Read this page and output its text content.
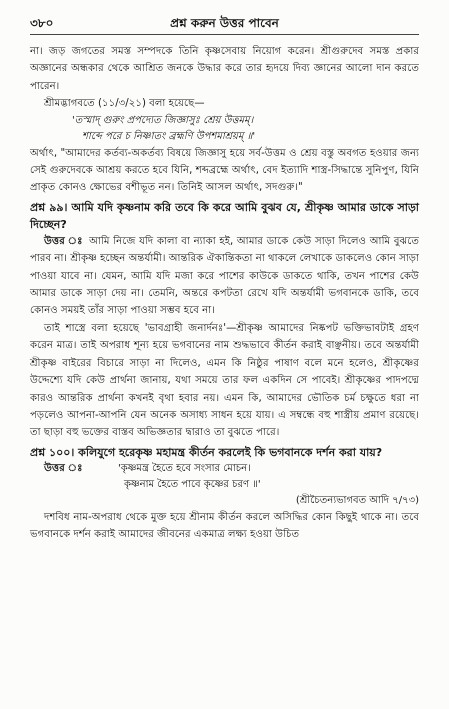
৩৮০	প্রশ্ন করুন উত্তর পাবেন

না। জড় জগতের সমস্ত সম্পদকে তিনি কৃষ্ণসেবায় নিয়োগ করেন। শ্রীগুরুদেব সমস্ত প্রকার অজ্ঞানের অন্ধকার থেকে আশ্রিত জনকে উদ্ধার করে তার হৃদয়ে দিব্য জ্ঞানের আলো দান করতে পারেন।

শ্রীমদ্ভাগবতে (১১/৩/২১) বলা হয়েছে—

'তস্মাদ্‌ গুরুং প্রপদ্যেত জিজ্ঞাসুঃ শ্রেয় উত্তমম্‌।

শাব্দে পরে চ নিষ্ণাতং ব্রহ্মণি উপশমাশ্রয়ম্‌ ॥'

অর্থাৎ, "আমাদের কর্তব্য-অকর্তব্য বিষয়ে জিজ্ঞাসু হয়ে সর্ব-উত্তম ও শ্রেয় বস্তু অবগত হওয়ার জন্য সেই গুরুদেবকে আশ্রয় করতে হবে যিনি, শব্দব্রহ্মে অর্থাৎ, বেদ ইত্যাদি শাস্ত্র-সিদ্ধান্তে সুনিপুণ, যিনি প্রাকৃত কোনও ক্ষোভের বশীভূত নন। তিনিই আসল অর্থাৎ, সদগুরু।"

প্রশ্ন ৯৯। আমি যদি কৃষ্ণনাম করি তবে কি করে আমি বুঝব যে, শ্রীকৃষ্ণ আমার ডাকে সাড়া দিচ্ছেন?

উত্তর ঃ আমি নিজে যদি কালা বা ন্যাকা হই, আমার ডাকে কেউ সাড়া দিলেও আমি বুঝতে পারব না। শ্রীকৃষ্ণ হচ্ছেন অন্তর্যামী। আন্তরিক ঐকান্তিকতা না থাকলে লেখাকে ডাকলেও কোন সাড়া পাওয়া যাবে না। যেমন, আমি যদি মজা করে পাশের কাউকে ডাকতে থাকি, তখন পাশের কেউ আমার ডাকে সাড়া দেয় না। তেমনি, অন্তরে কপটতা রেখে যদি অন্তর্যামী ভগবানকে ডাকি, তবে কোনও সময়ই তাঁর সাড়া পাওয়া সম্ভব হবে না।

তাই শাস্ত্রে বলা হয়েছে 'ভাবগ্রাহী জনার্দনঃ'—শ্রীকৃষ্ণ আমাদের নিষ্কপট ভক্তিভাবটাই গ্রহণ করেন মাত্র। তাই অপরাধ শূন্য হয়ে ভগবানের নাম শুদ্ধভাবে কীর্তন করাই বাঞ্ছনীয়। তবে অন্তর্যামী শ্রীকৃষ্ণ বাইরের বিচারে সাড়া না দিলেও, এমন কি নিষ্ঠুর পাষাণ বলে মনে হলেও, শ্রীকৃষ্ণের উদ্দেশ্যে যদি কেউ প্রার্থনা জানায়, যথা সময়ে তার ফল একদিন সে পাবেই। শ্রীকৃষ্ণের পাদপদ্মে কারও আন্তরিক প্রার্থনা কখনই বৃথা হবার নয়। এমন কি, আমাদের ভৌতিক চর্ম চক্ষুতে ধরা না পড়লেও আপনা-আপনি যেন অনেক অসাধ্য সাধন হয়ে যায়। এ সম্বন্ধে বহু শাস্ত্রীয় প্রমাণ রয়েছে। তা ছাড়া বহু ভক্তের বাস্তব অভিজ্ঞতার দ্বারাও তা বুঝতে পারে।

প্রশ্ন ১০০। কলিযুগে হরেকৃষ্ণ মহামন্ত্র কীর্তন করলেই কি ভগবানকে দর্শন করা যায়?

উত্তর ঃ	'কৃষ্ণমন্ত্র হৈতে হবে সংসার মোচন।

কৃষ্ণনাম হৈতে পাবে কৃষ্ণের চরণ ॥'

(শ্রীচৈতন্যভাগবত আদি ৭/৭৩)

দশবিধ নাম-অপরাধ থেকে মুক্ত হয়ে শ্রীনাম কীর্তন করলে অসিদ্ধির কোন কিছুই থাকে না। তবে ভগবানকে দর্শন করাই আমাদের জীবনের একমাত্র লক্ষ্য হওয়া উচিত
